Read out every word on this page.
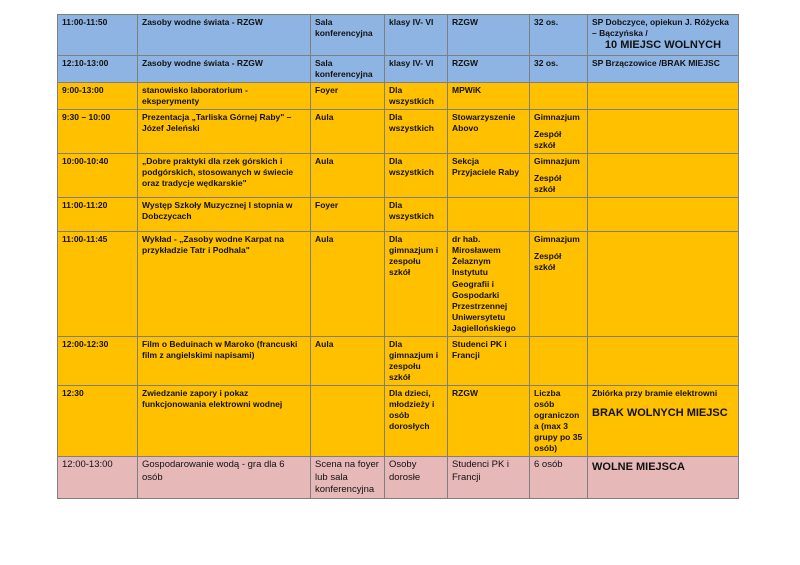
11:00-11:50	Zasoby wodne świata - RZGW	Sala konferencyjna	klasy IV- VI	RZGW	32 os.	SP Dobczyce, opiekun J. Różycka – Bączyńska /
10 MIEJSC WOLNYCH

12:10-13:00	Zasoby wodne świata - RZGW	Sala konferencyjna	klasy IV- VI	RZGW	32 os.	SP Brzączowice /BRAK MIEJSC

9:00-13:00	stanowisko laboratorium - eksperymenty	Foyer	Dla wszystkich	MPWiK		
9:30 – 10:00	Prezentacja „Tarliska Górnej Raby" – Józef Jeleński	Aula	Dla wszystkich	Stowarzyszenie Abovo	Gimnazjum
Zespół szkół	

10:00-10:40	„Dobre praktyki dla rzek górskich i podgórskich, stosowanych w świecie oraz tradycje wędkarskie"	Aula	Dla wszystkich	Sekcja Przyjaciele Raby	Gimnazjum
Zespół szkół	

11:00-11:20	Występ Szkoły Muzycznej I stopnia w Dobczycach	Foyer	Dla wszystkich			
11:00-11:45	Wykład - „Zasoby wodne Karpat na przykładzie Tatr i Podhala"	Aula	Dla gimnazjum i zespołu szkół	dr hab. Mirosławem Żelaznym Instytutu Geografii i Gospodarki Przestrzennej Uniwersytetu Jagiellońskiego	Gimnazjum
Zespół szkół	

12:00-12:30	Film o Beduinach w Maroko (francuski film z angielskimi napisami)	Aula	Dla gimnazjum i zespołu szkół	Studenci PK i Francji		
12:30	Zwiedzanie zapory i pokaz funkcjonowania elektrowni wodnej		Dla dzieci, młodzieży i osób dorosłych	RZGW	Liczba osób ograniczona (max 3 grupy po 35 osób)	Zbiórka przy bramie elektrowni
BRAK WOLNYCH MIEJSC

12:00-13:00	Gospodarowanie wodą - gra dla 6 osób	Scena na foyer lub sala konferencyjna	Osoby dorosłe	Studenci PK i Francji	6 osób	WOLNE MIEJSCA
